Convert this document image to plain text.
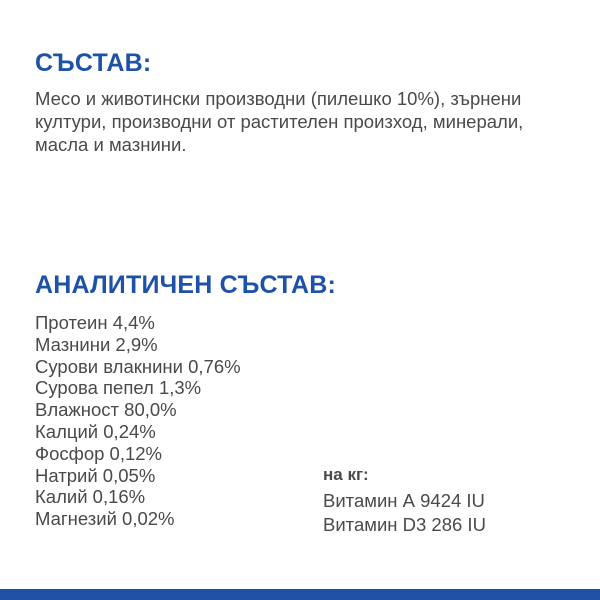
СЪСТАВ:

Месо и животински производни (пилешко 10%), зърнени култури, производни от растителен произход, минерали, масла и мазнини.

АНАЛИТИЧЕН СЪСТАВ:
Протеин 4,4%
Мазнини 2,9%
Сурови влакнини 0,76%
Сурова пепел 1,3%
Влажност 80,0%
Калций 0,24%
Фосфор 0,12%
Натрий 0,05%
Калий 0,16%
Магнезий 0,02%
на кг:
Витамин А 9424 IU
Витамин D3 286 IU
